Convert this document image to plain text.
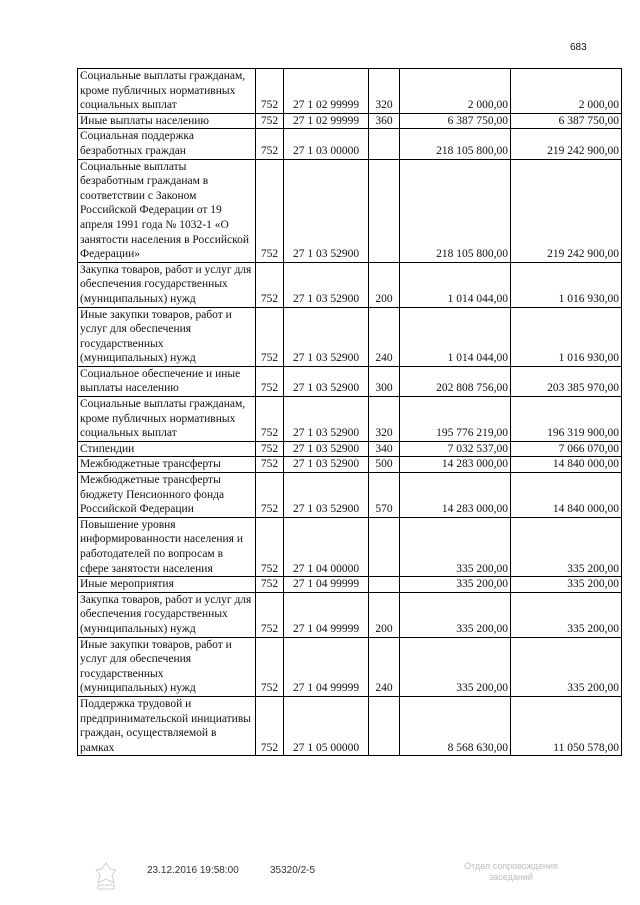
683
Социальные выплаты гражданам, кроме публичных нормативных социальных выплат	752	27 1 02 99999	320	2 000,00	2 000,00
Иные выплаты населению	752	27 1 02 99999	360	6 387 750,00	6 387 750,00
Социальная поддержка безработных граждан	752	27 1 03 00000		218 105 800,00	219 242 900,00
Социальные выплаты безработным гражданам в соответствии с Законом Российской Федерации от 19 апреля 1991 года № 1032-1 «О занятости населения в Российской Федерации»	752	27 1 03 52900		218 105 800,00	219 242 900,00
Закупка товаров, работ и услуг для обеспечения государственных (муниципальных) нужд	752	27 1 03 52900	200	1 014 044,00	1 016 930,00
Иные закупки товаров, работ и услуг для обеспечения государственных (муниципальных) нужд	752	27 1 03 52900	240	1 014 044,00	1 016 930,00
Социальное обеспечение и иные выплаты населению	752	27 1 03 52900	300	202 808 756,00	203 385 970,00
Социальные выплаты гражданам, кроме публичных нормативных социальных выплат	752	27 1 03 52900	320	195 776 219,00	196 319 900,00
Стипендии	752	27 1 03 52900	340	7 032 537,00	7 066 070,00
Межбюджетные трансферты	752	27 1 03 52900	500	14 283 000,00	14 840 000,00
Межбюджетные трансферты бюджету Пенсионного фонда Российской Федерации	752	27 1 03 52900	570	14 283 000,00	14 840 000,00
Повышение уровня информированности населения и работодателей по вопросам в сфере занятости населения	752	27 1 04 00000		335 200,00	335 200,00
Иные мероприятия	752	27 1 04 99999		335 200,00	335 200,00
Закупка товаров, работ и услуг для обеспечения государственных (муниципальных) нужд	752	27 1 04 99999	200	335 200,00	335 200,00
Иные закупки товаров, работ и услуг для обеспечения государственных (муниципальных) нужд	752	27 1 04 99999	240	335 200,00	335 200,00
Поддержка трудовой и предпринимательской инициативы граждан, осуществляемой в рамках	752	27 1 05 00000		8 568 630,00	11 050 578,00
23.12.2016 19:58:00	35320/2-5	Отдел сопровождения заседаний
